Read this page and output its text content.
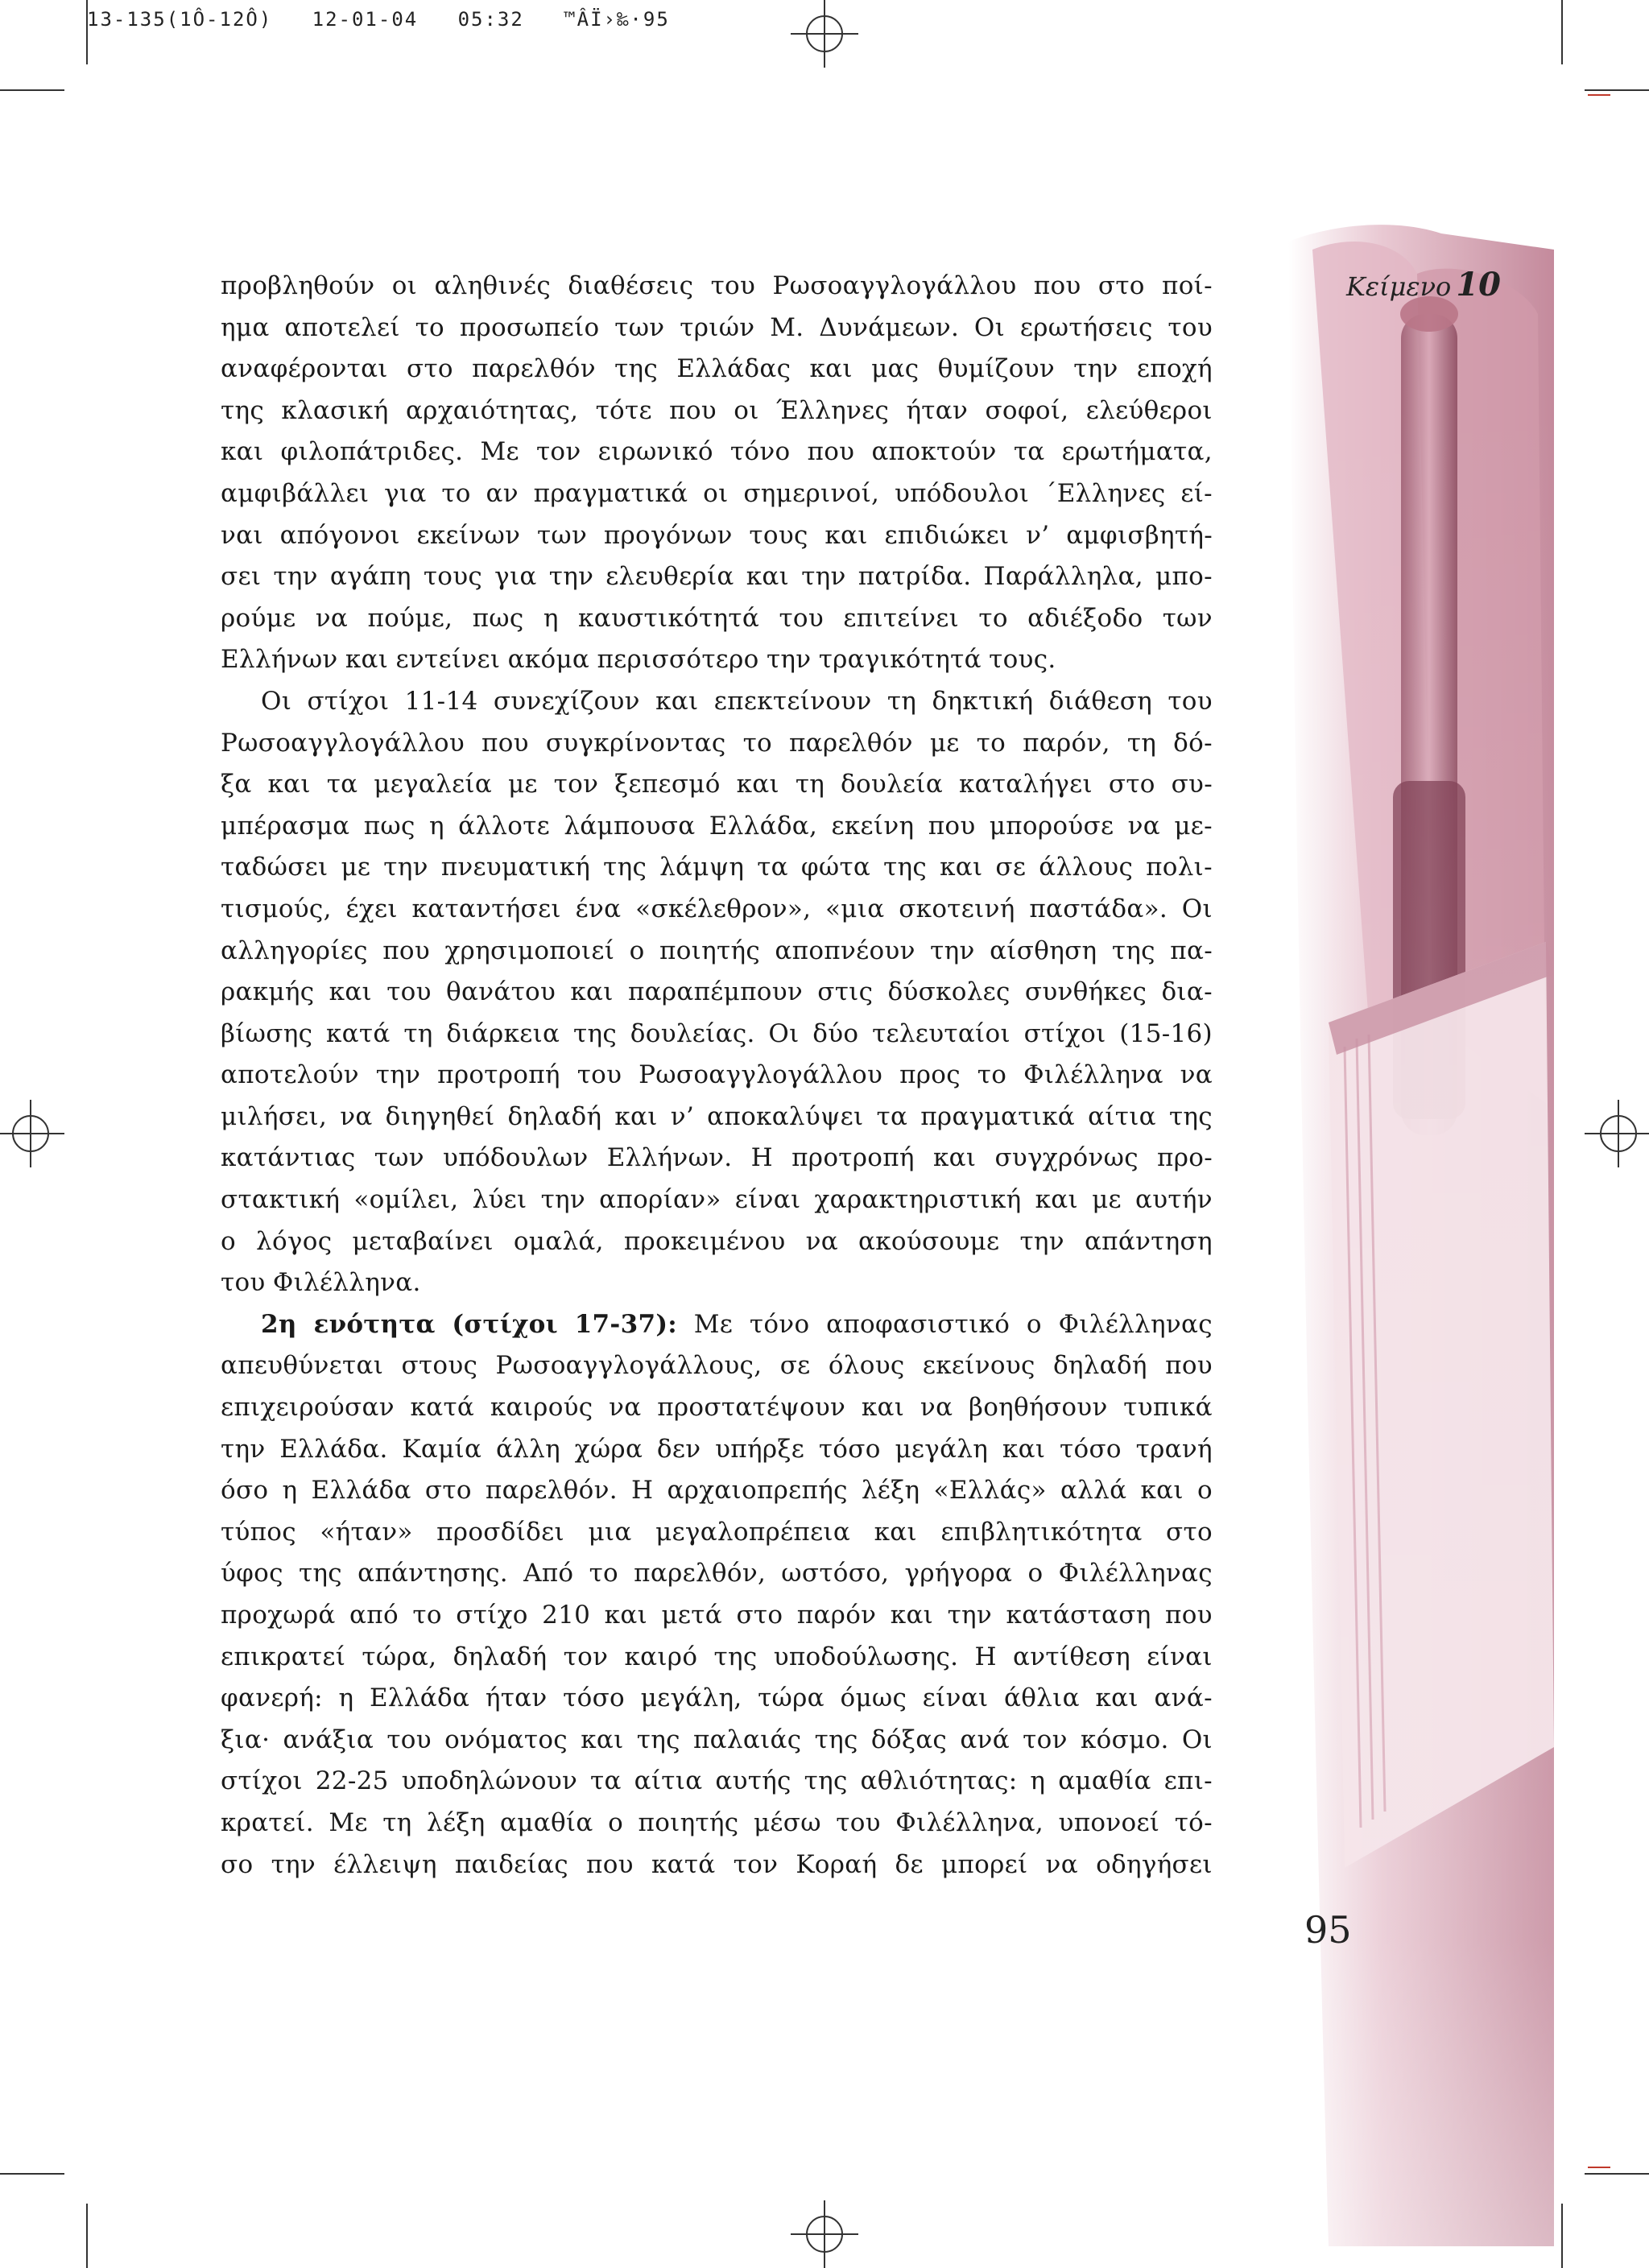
13-135(1Ô-12Ô)   12-01-04   05:32   ™ÂÏ›‰·95
Κείμενο 10
95
προβληθούν οι αληθινές διαθέσεις του Ρωσοαγγλογάλλου που στο ποί-
ημα αποτελεί το προσωπείο των τριών Μ. Δυνάμεων. Οι ερωτήσεις του
αναφέρονται στο παρελθόν της Ελλάδας και μας θυμίζουν την εποχή
της κλασική αρχαιότητας, τότε που οι Έλληνες ήταν σοφοί, ελεύθεροι
και φιλοπάτριδες. Με τον ειρωνικό τόνο που αποκτούν τα ερωτήματα,
αμφιβάλλει για το αν πραγματικά οι σημερινοί, υπόδουλοι ΄Ελληνες εί-
ναι απόγονοι εκείνων των προγόνων τους και επιδιώκει ν’ αμφισβητή-
σει την αγάπη τους για την ελευθερία και την πατρίδα. Παράλληλα, μπο-
ρούμε να πούμε, πως η καυστικότητά του επιτείνει το αδιέξοδο των
Ελλήνων και εντείνει ακόμα περισσότερο την τραγικότητά τους.
Οι στίχοι 11-14 συνεχίζουν και επεκτείνουν τη δηκτική διάθεση του
Ρωσοαγγλογάλλου που συγκρίνοντας το παρελθόν με το παρόν, τη δό-
ξα και τα μεγαλεία με τον ξεπεσμό και τη δουλεία καταλήγει στο συ-
μπέρασμα πως η άλλοτε λάμπουσα Ελλάδα, εκείνη που μπορούσε να με-
ταδώσει με την πνευματική της λάμψη τα φώτα της και σε άλλους πολι-
τισμούς, έχει καταντήσει ένα «σκέλεθρον», «μια σκοτεινή παστάδα». Οι
αλληγορίες που χρησιμοποιεί ο ποιητής αποπνέουν την αίσθηση της πα-
ρακμής και του θανάτου και παραπέμπουν στις δύσκολες συνθήκες δια-
βίωσης κατά τη διάρκεια της δουλείας. Οι δύο τελευταίοι στίχοι (15-16)
αποτελούν την προτροπή του Ρωσοαγγλογάλλου προς το Φιλέλληνα να
μιλήσει, να διηγηθεί δηλαδή και ν’ αποκαλύψει τα πραγματικά αίτια της
κατάντιας των υπόδουλων Ελλήνων. Η προτροπή και συγχρόνως προ-
στακτική «ομίλει, λύει την απορίαν» είναι χαρακτηριστική και με αυτήν
ο λόγος μεταβαίνει ομαλά, προκειμένου να ακούσουμε την απάντηση
του Φιλέλληνα.
2η ενότητα (στίχοι 17-37): Με τόνο αποφασιστικό ο Φιλέλληνας
απευθύνεται στους Ρωσοαγγλογάλλους, σε όλους εκείνους δηλαδή που
επιχειρούσαν κατά καιρούς να προστατέψουν και να βοηθήσουν τυπικά
την Ελλάδα. Καμία άλλη χώρα δεν υπήρξε τόσο μεγάλη και τόσο τρανή
όσο η Ελλάδα στο παρελθόν. Η αρχαιοπρεπής λέξη «Ελλάς» αλλά και ο
τύπος «ήταν» προσδίδει μια μεγαλοπρέπεια και επιβλητικότητα στο
ύφος της απάντησης. Από το παρελθόν, ωστόσο, γρήγορα ο Φιλέλληνας
προχωρά από το στίχο 210 και μετά στο παρόν και την κατάσταση που
επικρατεί τώρα, δηλαδή τον καιρό της υποδούλωσης. Η αντίθεση είναι
φανερή: η Ελλάδα ήταν τόσο μεγάλη, τώρα όμως είναι άθλια και ανά-
ξια· ανάξια του ονόματος και της παλαιάς της δόξας ανά τον κόσμο. Οι
στίχοι 22-25 υποδηλώνουν τα αίτια αυτής της αθλιότητας: η αμαθία επι-
κρατεί. Με τη λέξη αμαθία ο ποιητής μέσω του Φιλέλληνα, υπονοεί τό-
σο την έλλειψη παιδείας που κατά τον Κοραή δε μπορεί να οδηγήσει
